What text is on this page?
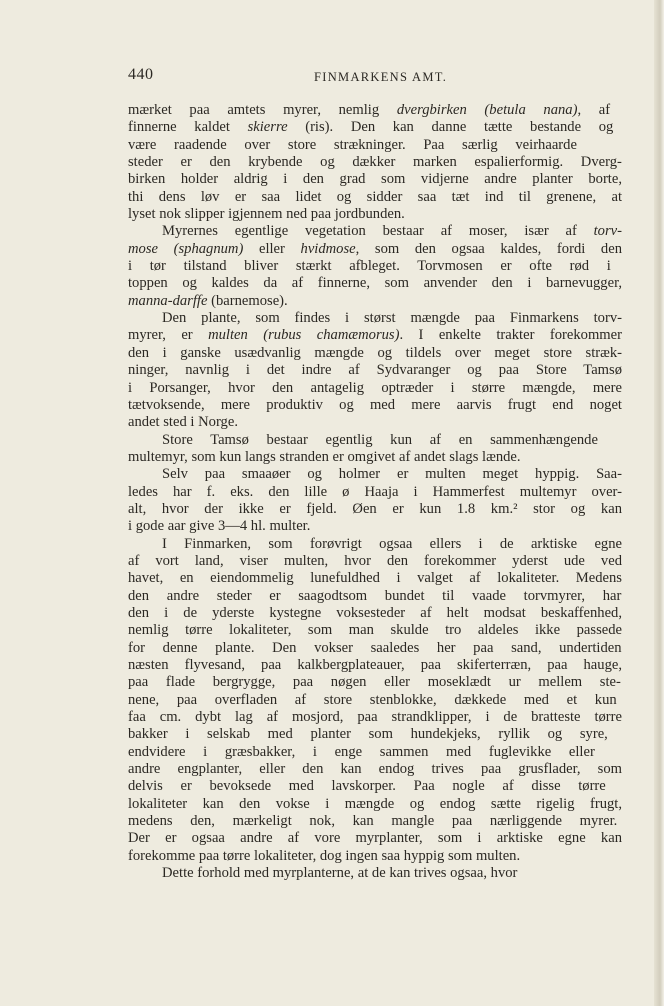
440	FINMARKENS AMT.
mærket paa amtets myrer, nemlig dvergbirken (betula nana), af
finnerne kaldet skierre (ris). Den kan danne tætte bestande og
være raadende over store strækninger. Paa særlig veirhaarde
steder er den krybende og dækker marken espalierformig. Dverg-
birken holder aldrig i den grad som vidjerne andre planter borte,
thi dens løv er saa lidet og sidder saa tæt ind til grenene, at
lyset nok slipper igjennem ned paa jordbunden.
Myrernes egentlige vegetation bestaar af moser, især af torv-
mose (sphagnum) eller hvidmose, som den ogsaa kaldes, fordi den
i tør tilstand bliver stærkt afbleget. Torvmosen er ofte rød i
toppen og kaldes da af finnerne, som anvender den i barnevugger,
manna-darffe (barnemose).
Den plante, som findes i størst mængde paa Finmarkens torv-
myrer, er multen (rubus chamæmorus). I enkelte trakter forekommer
den i ganske usædvanlig mængde og tildels over meget store stræk-
ninger, navnlig i det indre af Sydvaranger og paa Store Tamsø
i Porsanger, hvor den antagelig optræder i større mængde, mere
tætvoksende, mere produktiv og med mere aarvis frugt end noget
andet sted i Norge.
Store Tamsø bestaar egentlig kun af en sammenhængende
multemyr, som kun langs stranden er omgivet af andet slags lænde.
Selv paa smaaøer og holmer er multen meget hyppig. Saa-
ledes har f. eks. den lille ø Haaja i Hammerfest multemyr over-
alt, hvor der ikke er fjeld. Øen er kun 1.8 km.² stor og kan
i gode aar give 3—4 hl. multer.
I Finmarken, som forøvrigt ogsaa ellers i de arktiske egne
af vort land, viser multen, hvor den forekommer yderst ude ved
havet, en eiendommelig lunefuldhed i valget af lokaliteter. Medens
den andre steder er saagodtsom bundet til vaade torvmyrer, har
den i de yderste kystegne voksesteder af helt modsat beskaffenhed,
nemlig tørre lokaliteter, som man skulde tro aldeles ikke passede
for denne plante. Den vokser saaledes her paa sand, undertiden
næsten flyvesand, paa kalkbergplateauer, paa skiferterræn, paa hauge,
paa flade bergrygge, paa nøgen eller moseklædt ur mellem ste-
nene, paa overfladen af store stenblokke, dækkede med et kun
faa cm. dybt lag af mosjord, paa strandklipper, i de bratteste tørre
bakker i selskab med planter som hundekjeks, ryllik og syre,
endvidere i græsbakker, i enge sammen med fuglevikke eller
andre engplanter, eller den kan endog trives paa grusflader, som
delvis er bevoksede med lavskorper. Paa nogle af disse tørre
lokaliteter kan den vokse i mængde og endog sætte rigelig frugt,
medens den, mærkeligt nok, kan mangle paa nærliggende myrer.
Der er ogsaa andre af vore myrplanter, som i arktiske egne kan
forekomme paa tørre lokaliteter, dog ingen saa hyppig som multen.
Dette forhold med myrplanterne, at de kan trives ogsaa, hvor
